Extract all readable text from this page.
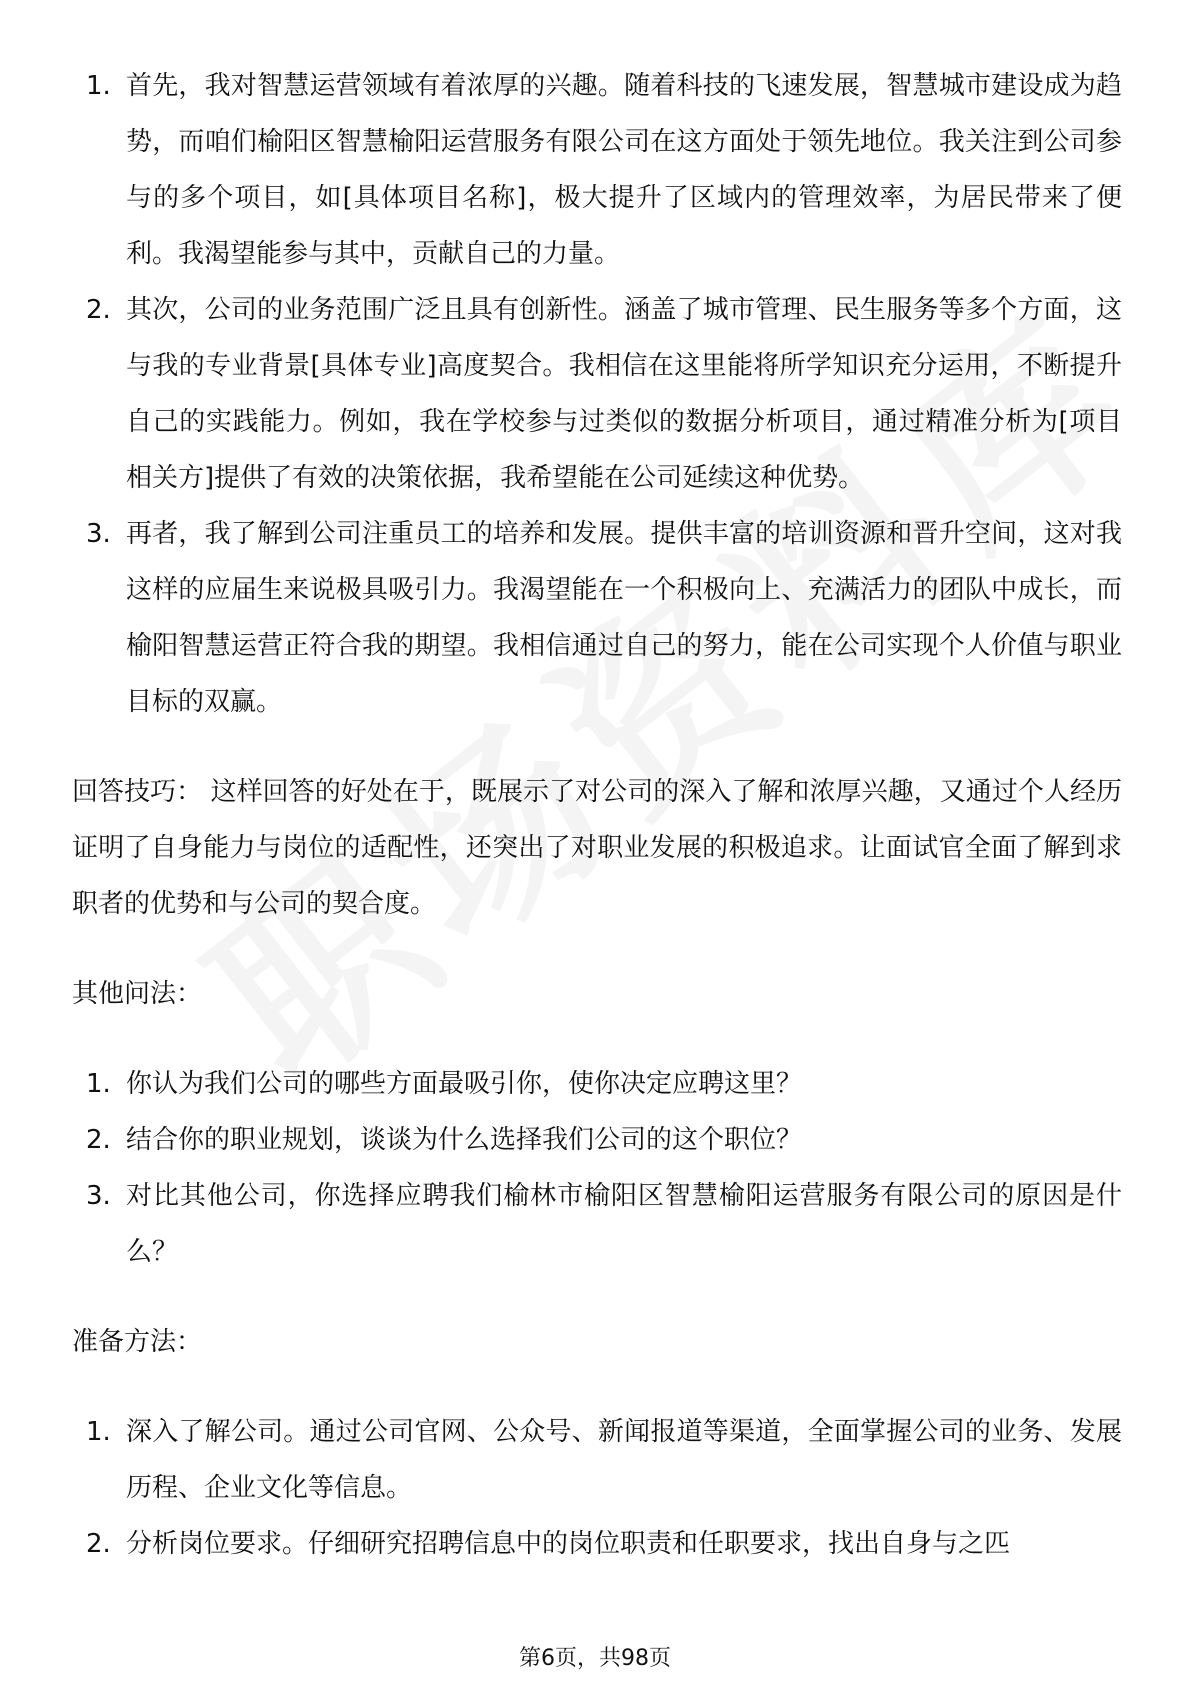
1. 首先，我对智慧运营领域有着浓厚的兴趣。随着科技的飞速发展，智慧城市建设成为趋势，而咱们榆阳区智慧榆阳运营服务有限公司在这方面处于领先地位。我关注到公司参与的多个项目，如[具体项目名称]，极大提升了区域内的管理效率，为居民带来了便利。我渴望能参与其中，贡献自己的力量。
2. 其次，公司的业务范围广泛且具有创新性。涵盖了城市管理、民生服务等多个方面，这与我的专业背景[具体专业]高度契合。我相信在这里能将所学知识充分运用，不断提升自己的实践能力。例如，我在学校参与过类似的数据分析项目，通过精准分析为[项目相关方]提供了有效的决策依据，我希望能在公司延续这种优势。
3. 再者，我了解到公司注重员工的培养和发展。提供丰富的培训资源和晋升空间，这对我这样的应届生来说极具吸引力。我渴望能在一个积极向上、充满活力的团队中成长，而榆阳智慧运营正符合我的期望。我相信通过自己的努力，能在公司实现个人价值与职业目标的双赢。

回答技巧： 这样回答的好处在于，既展示了对公司的深入了解和浓厚兴趣，又通过个人经历证明了自身能力与岗位的适配性，还突出了对职业发展的积极追求。让面试官全面了解到求职者的优势和与公司的契合度。

其他问法：

1. 你认为我们公司的哪些方面最吸引你，使你决定应聘这里？
2. 结合你的职业规划，谈谈为什么选择我们公司的这个职位？
3. 对比其他公司，你选择应聘我们榆林市榆阳区智慧榆阳运营服务有限公司的原因是什么？

准备方法：

1. 深入了解公司。通过公司官网、公众号、新闻报道等渠道，全面掌握公司的业务、发展历程、企业文化等信息。
2. 分析岗位要求。仔细研究招聘信息中的岗位职责和任职要求，找出自身与之匹
第6页，共98页
